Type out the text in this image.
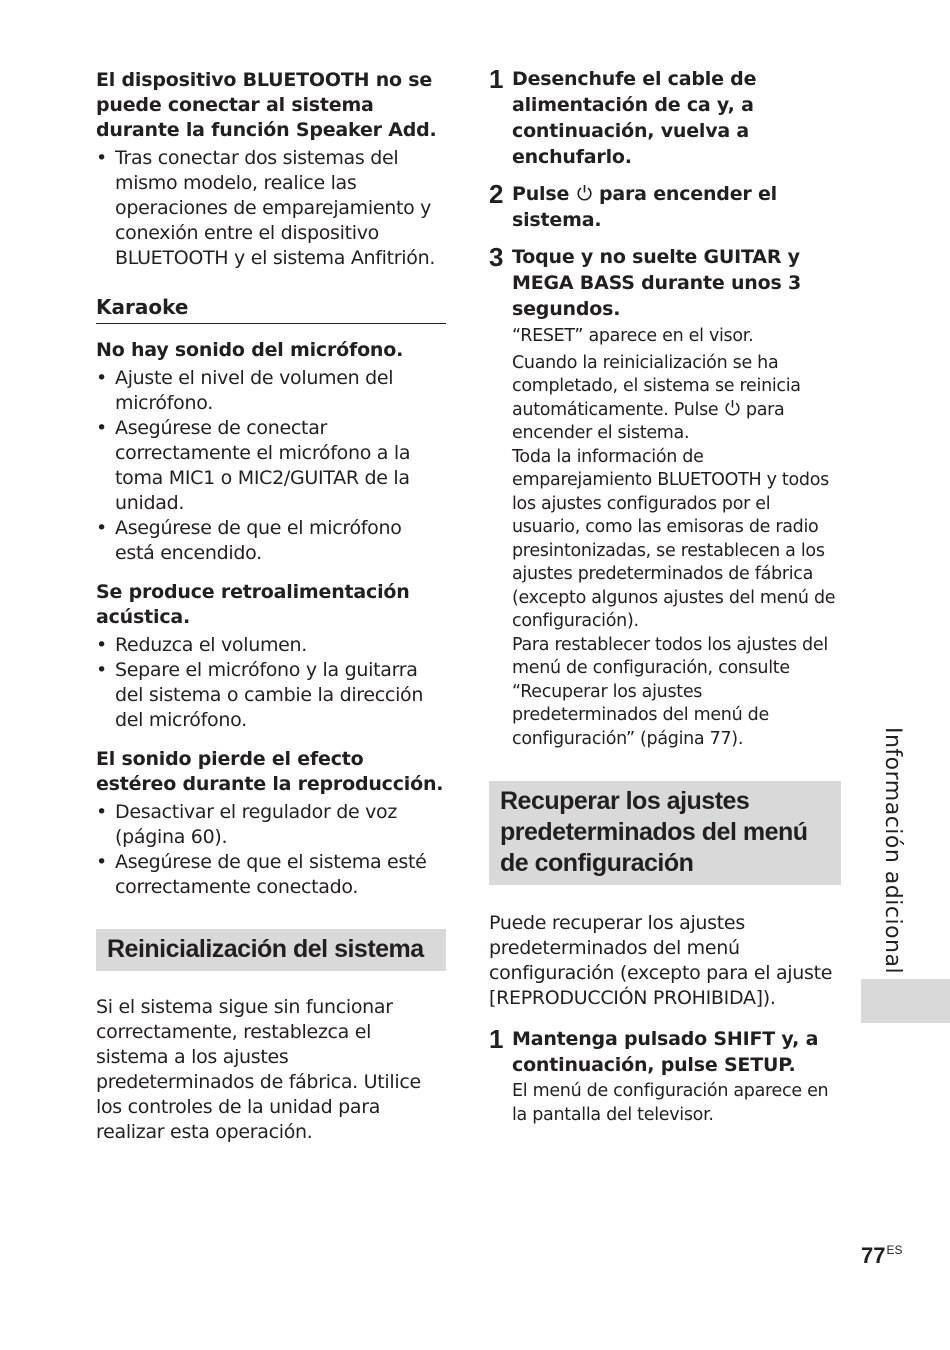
El dispositivo BLUETOOTH no se puede conectar al sistema durante la función Speaker Add.

• Tras conectar dos sistemas del mismo modelo, realice las operaciones de emparejamiento y conexión entre el dispositivo BLUETOOTH y el sistema Anfitrión.
Karaoke

No hay sonido del micrófono.

• Ajuste el nivel de volumen del micrófono.
• Asegúrese de conectar correctamente el micrófono a la toma MIC1 o MIC2/GUITAR de la unidad.
• Asegúrese de que el micrófono está encendido.

Se produce retroalimentación acústica.

• Reduzca el volumen.
• Separe el micrófono y la guitarra del sistema o cambie la dirección del micrófono.

El sonido pierde el efecto estéreo durante la reproducción.

• Desactivar el regulador de voz (página 60).
• Asegúrese de que el sistema esté correctamente conectado.
Reinicialización del sistema

Si el sistema sigue sin funcionar correctamente, restablezca el sistema a los ajustes predeterminados de fábrica. Utilice los controles de la unidad para realizar esta operación.

1 Desenchufe el cable de alimentación de ca y, a continuación, vuelva a enchufarlo.

2 Pulse  para encender el sistema.

3 Toque y no suelte GUITAR y MEGA BASS durante unos 3 segundos.

“RESET” aparece en el visor.

Cuando la reinicialización se ha completado, el sistema se reinicia automáticamente. Pulse  para encender el sistema.

Toda la información de emparejamiento BLUETOOTH y todos los ajustes configurados por el usuario, como las emisoras de radio presintonizadas, se restablecen a los ajustes predeterminados de fábrica (excepto algunos ajustes del menú de configuración).

Para restablecer todos los ajustes del menú de configuración, consulte “Recuperar los ajustes predeterminados del menú de configuración” (página 77).

Recuperar los ajustes predeterminados del menú de configuración

Puede recuperar los ajustes predeterminados del menú configuración (excepto para el ajuste [REPRODUCCIÓN PROHIBIDA]).

1 Mantenga pulsado SHIFT y, a continuación, pulse SETUP.

El menú de configuración aparece en la pantalla del televisor.

Información adicional
$77^{ES}$
